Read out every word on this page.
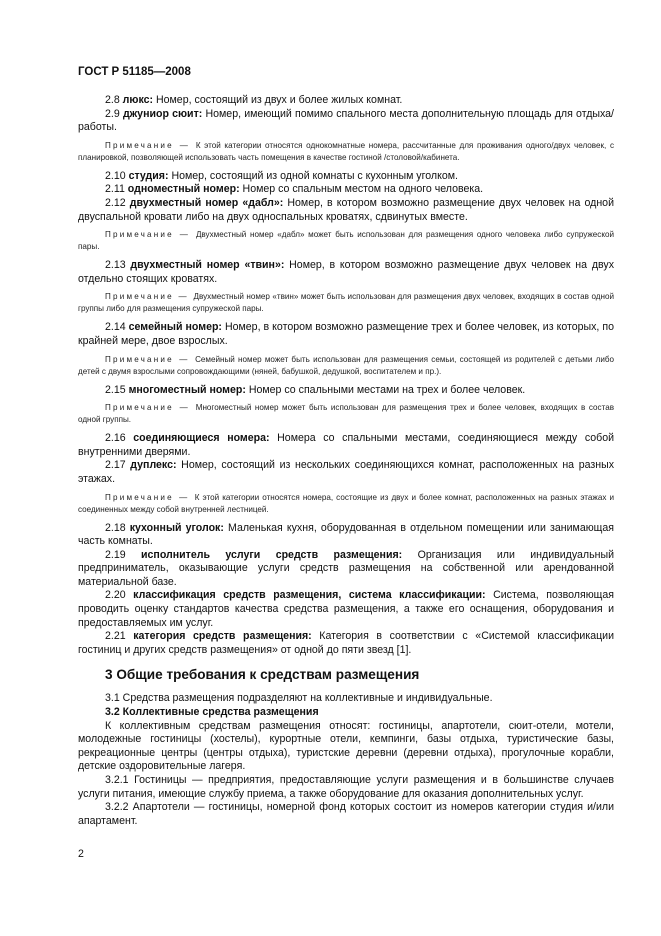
ГОСТ Р 51185—2008

2.8 люкс: Номер, состоящий из двух и более жилых комнат.

2.9 джуниор сюит: Номер, имеющий помимо спального места дополнительную площадь для отдыха/работы.

Примечание — К этой категории относятся однокомнатные номера, рассчитанные для проживания одного/двух человек, с планировкой, позволяющей использовать часть помещения в качестве гостиной /столовой/кабинета.

2.10 студия: Номер, состоящий из одной комнаты с кухонным уголком.

2.11 одноместный номер: Номер со спальным местом на одного человека.

2.12 двухместный номер «дабл»: Номер, в котором возможно размещение двух человек на одной двуспальной кровати либо на двух односпальных кроватях, сдвинутых вместе.

Примечание — Двухместный номер «дабл» может быть использован для размещения одного человека либо супружеской пары.

2.13 двухместный номер «твин»: Номер, в котором возможно размещение двух человек на двух отдельно стоящих кроватях.

Примечание — Двухместный номер «твин» может быть использован для размещения двух человек, входящих в состав одной группы либо для размещения супружеской пары.

2.14 семейный номер: Номер, в котором возможно размещение трех и более человек, из которых, по крайней мере, двое взрослых.

Примечание — Семейный номер может быть использован для размещения семьи, состоящей из родителей с детьми либо детей с двумя взрослыми сопровождающими (няней, бабушкой, дедушкой, воспитателем и пр.).

2.15 многоместный номер: Номер со спальными местами на трех и более человек.

Примечание — Многоместный номер может быть использован для размещения трех и более человек, входящих в состав одной группы.

2.16 соединяющиеся номера: Номера со спальными местами, соединяющиеся между собой внутренними дверями.

2.17 дуплекс: Номер, состоящий из нескольких соединяющихся комнат, расположенных на разных этажах.

Примечание — К этой категории относятся номера, состоящие из двух и более комнат, расположенных на разных этажах и соединенных между собой внутренней лестницей.

2.18 кухонный уголок: Маленькая кухня, оборудованная в отдельном помещении или занимающая часть комнаты.

2.19 исполнитель услуги средств размещения: Организация или индивидуальный предприниматель, оказывающие услуги средств размещения на собственной или арендованной материальной базе.

2.20 классификация средств размещения, система классификации: Система, позволяющая проводить оценку стандартов качества средства размещения, а также его оснащения, оборудования и предоставляемых им услуг.

2.21 категория средств размещения: Категория в соответствии с «Системой классификации гостиниц и других средств размещения» от одной до пяти звезд [1].

3 Общие требования к средствам размещения

3.1 Средства размещения подразделяют на коллективные и индивидуальные.

3.2 Коллективные средства размещения

К коллективным средствам размещения относят: гостиницы, апартотели, сюит-отели, мотели, молодежные гостиницы (хостелы), курортные отели, кемпинги, базы отдыха, туристические базы, рекреационные центры (центры отдыха), туристские деревни (деревни отдыха), прогулочные корабли, детские оздоровительные лагеря.

3.2.1 Гостиницы — предприятия, предоставляющие услуги размещения и в большинстве случаев услуги питания, имеющие службу приема, а также оборудование для оказания дополнительных услуг.

3.2.2 Апартотели — гостиницы, номерной фонд которых состоит из номеров категории студия и/или апартамент.

2
